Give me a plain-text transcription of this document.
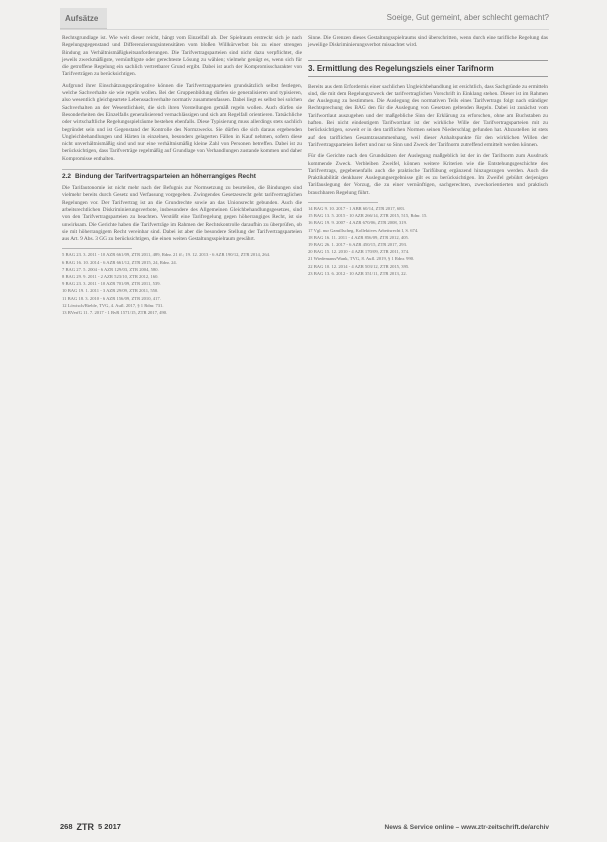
Aufsätze	Soeige, Gut gemeint, aber schlecht gemacht?

Rechtsgrundlage ist. Wie weit dieser reicht, hängt vom Einzelfall ab. Der Spielraum erstreckt sich je nach Regelungsgegenstand und Differenzierungsintensitäten vom bloßen Willkürverbot bis zu einer strengen Bindung an Verhältnismäßigkeitsanforderungen. Die Tarifvertragsparteien sind nicht dazu verpflichtet, die jeweils zweckmäßigste, vernünftigste oder gerechteste Lösung zu wählen; vielmehr genügt es, wenn sich für die getroffene Regelung ein sachlich vertretbarer Grund ergibt. Dabei ist auch der Kompromisscharakter von Tarifverträgen zu berücksichtigen.

Aufgrund ihrer Einschätzungsprärogative können die Tarifvertragsparteien grundsätzlich selbst festlegen, welche Sachverhalte sie wie regeln wollen. Bei der Gruppenbildung dürfen sie generalisieren und typisieren, also wesentlich gleichgeartete Lebenssachverhalte normativ zusammenfassen. Dabei liegt es selbst bei solchen Sachverhalten an der Wesentlichkeit, die sich ihren Vorstellungen gemäß regeln wollen. Auch dürfen sie Besonderheiten des Einzelfalls generalisierend vernachlässigen und sich am Regelfall orientieren. Tatsächliche oder wirtschaftliche Regelungsspielräume bestehen ebenfalls. Diese Typisierung muss allerdings stets sachlich begründet sein und ist Gegenstand der Kontrolle des Normzwecks. Sie dürfen die sich daraus ergebenden Ungleichbehandlungen und Härten in einzelnen, besonders gelagerten Fällen in Kauf nehmen, sofern diese nicht unverhältnismäßig sind und nur eine verhältnismäßig kleine Zahl von Personen betreffen. Dabei ist zu berücksichtigen, dass Tarifverträge regelmäßig auf Grundlage von Verhandlungen zustande kommen und daher Kompromisse enthalten.

2.2 Bindung der Tarifvertragsparteien an höherrangiges Recht

Die Tarifautonomie ist nicht mehr nach der Befugnis zur Normsetzung zu beurteilen, die Bindungen sind vielmehr bereits durch Gesetz und Verfassung vorgegeben. Zwingendes Gesetzesrecht geht tarifvertraglichen Regelungen vor. Der Tarifvertrag ist an die Grundrechte sowie an das Unionsrecht gebunden. Auch die arbeitsrechtlichen Diskriminierungsverbote, insbesondere des Allgemeinen Gleichbehandlungsgesetzes, sind von den Tarifvertragsparteien zu beachten. Verstößt eine Tarifregelung gegen höherrangiges Recht, ist sie unwirksam. Die Gerichte haben die Tarifverträge im Rahmen der Rechtskontrolle daraufhin zu überprüfen, ob sie mit höherrangigem Recht vereinbar sind. Dabei ist aber die besondere Stellung der Tarifvertragsparteien aus Art. 9 Abs. 3 GG zu berücksichtigen, die einen weiten Gestaltungsspielraum gewährt.

5 BAG 23. 3. 2011 - 10 AZR 661/09, ZTR 2011, 489, Rdnr. 21 ff.; 19. 12. 2013 - 6 AZR 190/12, ZTR 2014, 264.

6 BAG 16. 10. 2014 - 6 AZR 661/12, ZTR 2015, 24, Rdnr. 24.

7 BAG 27. 5. 2004 - 6 AZR 129/03, ZTR 2004, 580.

8 BAG 29. 9. 2011 - 2 AZR 523/10, ZTR 2012, 160.

9 BAG 23. 3. 2011 - 10 AZR 701/09, ZTR 2011, 539.

10 BAG 19. 1. 2011 - 3 AZR 29/09, ZTR 2011, 550.

11 BAG 18. 3. 2010 - 6 AZR 156/09, ZTR 2010, 417.

12 Löwisch/Rieble, TVG, 4. Aufl. 2017, § 1 Rdnr. 731.

13 BVerfG 11. 7. 2017 - 1 BvR 1571/15, ZTR 2017, 490.

Sinne. Die Grenzen dieses Gestaltungsspielraums sind überschritten, wenn durch eine tarifliche Regelung das jeweilige Diskriminierungsverbot missachtet wird.

3. Ermittlung des Regelungsziels einer Tarifnorm

Bereits aus dem Erfordernis einer sachlichen Ungleichbehandlung ist ersichtlich, dass Sachgründe zu ermitteln sind, die mit dem Regelungszweck der tarifvertraglichen Vorschrift in Einklang stehen. Dieser ist im Rahmen der Auslegung zu bestimmen. Die Auslegung des normativen Teils eines Tarifvertrags folgt nach ständiger Rechtsprechung des BAG den für die Auslegung von Gesetzen geltenden Regeln. Dabei ist zunächst vom Tarifwortlaut auszugehen und der maßgebliche Sinn der Erklärung zu erforschen, ohne am Buchstaben zu haften. Bei nicht eindeutigem Tarifwortlaut ist der wirkliche Wille der Tarifvertragsparteien mit zu berücksichtigen, soweit er in den tariflichen Normen seinen Niederschlag gefunden hat. Abzustellen ist stets auf den tariflichen Gesamtzusammenhang, weil dieser Anhaltspunkte für den wirklichen Willen der Tarifvertragsparteien liefert und nur so Sinn und Zweck der Tarifnorm zutreffend ermittelt werden können.

Für die Gerichte nach den Grundsätzen der Auslegung maßgeblich ist der in der Tarifnorm zum Ausdruck kommende Zweck. Verbleiben Zweifel, können weitere Kriterien wie die Entstehungsgeschichte des Tarifvertrags, gegebenenfalls auch die praktische Tarifübung ergänzend hinzugezogen werden. Auch die Praktikabilität denkbarer Auslegungsergebnisse gilt es zu berücksichtigen. Im Zweifel gebührt derjenigen Tarifauslegung der Vorzug, die zu einer vernünftigen, sachgerechten, zweckorientierten und praktisch brauchbaren Regelung führt.

14 BAG 9. 10. 2017 - 1 ABR 60/14, ZTR 2017, 683.

15 BAG 13. 5. 2015 - 10 AZR 266/14, ZTR 2015, 515, Rdnr. 15.

16 BAG 19. 9. 2007 - 4 AZR 670/06, ZTR 2008, 319.

17 Vgl. nur Gamillscheg, Kollektives Arbeitsrecht I, S. 674.

18 BAG 16. 11. 2011 - 4 AZR 856/09, ZTR 2012, 405.

19 BAG 26. 1. 2017 - 6 AZR 450/15, ZTR 2017, 293.

20 BAG 15. 12. 2010 - 4 AZR 170/09, ZTR 2011, 374.

21 Wiedemann/Wank, TVG, 8. Aufl. 2019, § 1 Rdnr. 990.

22 BAG 10. 12. 2014 - 4 AZR 503/12, ZTR 2015, 395.

23 BAG 13. 6. 2012 - 10 AZR 351/11, ZTR 2013, 22.

268 ZTR 5 2017	News & Service online – www.ztr-zeitschrift.de/archiv
